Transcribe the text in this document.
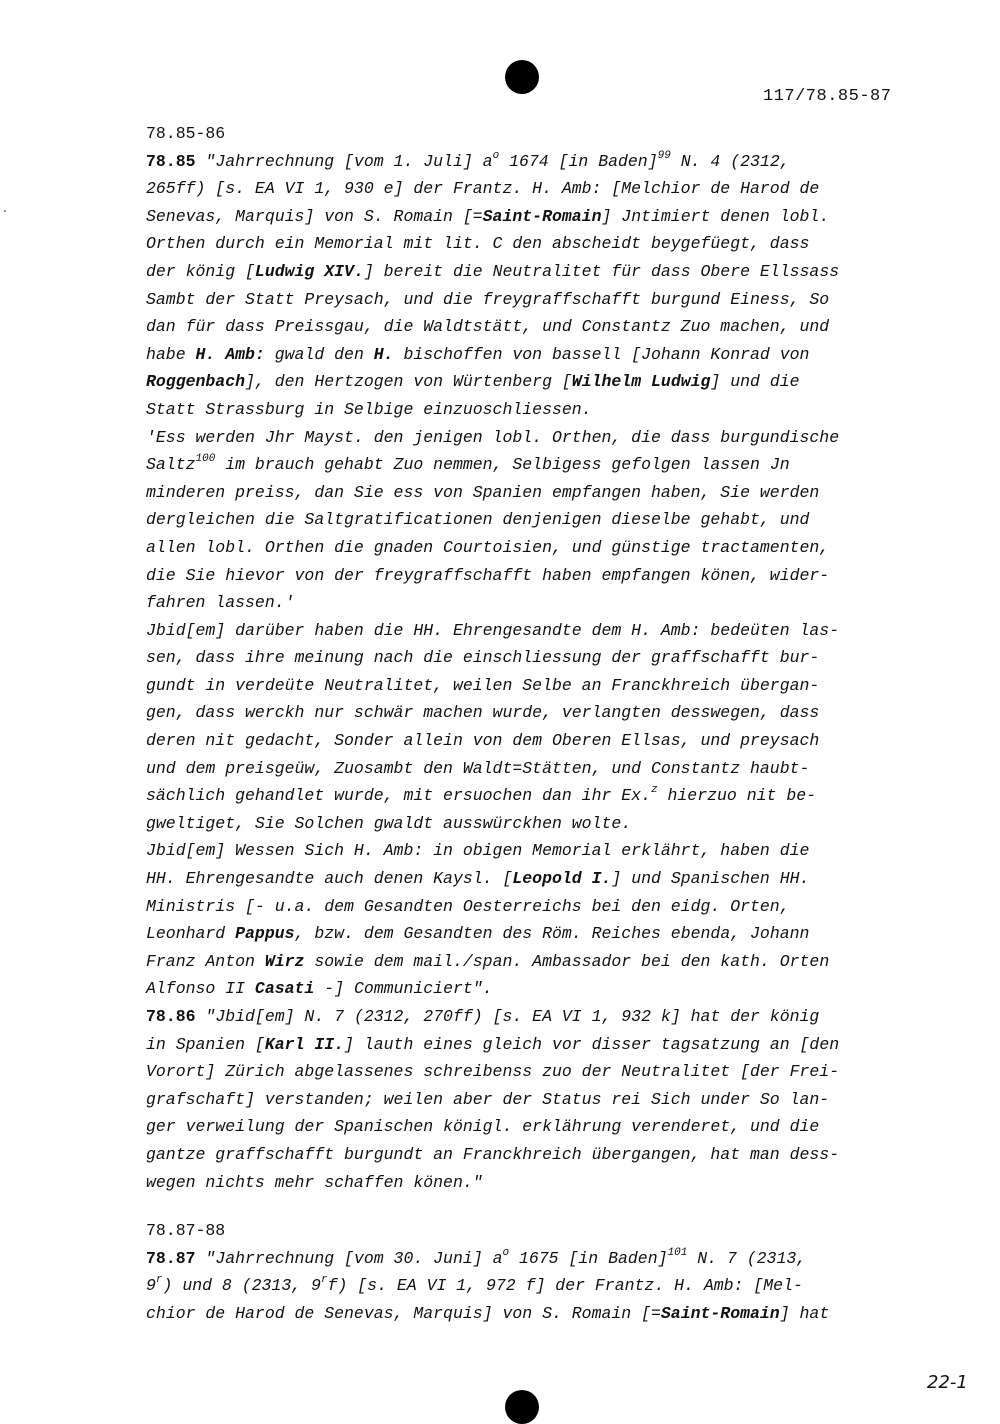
117/78.85-87

78.85-86

78.85 "Jahrrechnung [vom 1. Juli] $a^o$ 1674 [in Baden]$^{99}$ N. 4 (2312,

265ff) [s. EA VI 1, 930 e] der Frantz. H. Amb: [Melchior de Harod de

Senevas, Marquis] von S. Romain [=Saint-Romain] Jntimiert denen lobl.

Orthen durch ein Memorial mit lit. C den abscheidt beygefüegt, dass

der könig [Ludwig XIV.] bereit die Neutralitet für dass Obere Ellssass

Sambt der Statt Preysach, und die freygraffschafft burgund Einess, So

dan für dass Preissgau, die Waldtstätt, und Constantz Zuo machen, und

habe H. Amb: gwald den H. bischoffen von bassell [Johann Konrad von

Roggenbach], den Hertzogen von Würtenberg [Wilhelm Ludwig] und die

Statt Strassburg in Selbige einzuoschliessen.

'Ess werden Jhr Mayst. den jenigen lobl. Orthen, die dass burgundische

Saltz$^{100}$ im brauch gehabt Zuo nemmen, Selbigess gefolgen lassen Jn

minderen preiss, dan Sie ess von Spanien empfangen haben, Sie werden

dergleichen die Saltgratificationen denjenigen dieselbe gehabt, und

allen lobl. Orthen die gnaden Courtoisien, und günstige tractamenten,

die Sie hievor von der freygraffschafft haben empfangen könen, wider-

fahren lassen.'

Jbid[em] darüber haben die HH. Ehrengesandte dem H. Amb: bedeüten las-

sen, dass ihre meinung nach die einschliessung der graffschafft bur-

gundt in verdeüte Neutralitet, weilen Selbe an Franckhreich übergan-

gen, dass werckh nur schwär machen wurde, verlangten desswegen, dass

deren nit gedacht, Sonder allein von dem Oberen Ellsas, und preysach

und dem preisgeüw, Zuosambt den Waldt=Stätten, und Constantz haubt-

sächlich gehandlet wurde, mit ersuochen dan ihr Ex.$^z$ hierzuo nit be-

gweltiget, Sie Solchen gwaldt ausswürckhen wolte.

Jbid[em] Wessen Sich H. Amb: in obigen Memorial erklährt, haben die

HH. Ehrengesandte auch denen Kaysl. [Leopold I.] und Spanischen HH.

Ministris [- u.a. dem Gesandten Oesterreichs bei den eidg. Orten,

Leonhard Pappus, bzw. dem Gesandten des Röm. Reiches ebenda, Johann

Franz Anton Wirz sowie dem mail./span. Ambassador bei den kath. Orten

Alfonso II Casati -] Communiciert".

78.86 "Jbid[em] N. 7 (2312, 270ff) [s. EA VI 1, 932 k] hat der könig

in Spanien [Karl II.] lauth eines gleich vor disser tagsatzung an [den

Vorort] Zürich abgelassenes schreibenss zuo der Neutralitet [der Frei-

grafschaft] verstanden; weilen aber der Status rei Sich under So lan-

ger verweilung der Spanischen königl. erklährung verenderet, und die

gantze graffschafft burgundt an Franckhreich übergangen, hat man dess-

wegen nichts mehr schaffen könen."

78.87-88

78.87 "Jahrrechnung [vom 30. Juni] $a^o$ 1675 [in Baden]$^{101}$ N. 7 (2313,

9$^r$) und 8 (2313, 9$^r$f) [s. EA VI 1, 972 f] der Frantz. H. Amb: [Mel-

chior de Harod de Senevas, Marquis] von S. Romain [=Saint-Romain] hat

22-1
